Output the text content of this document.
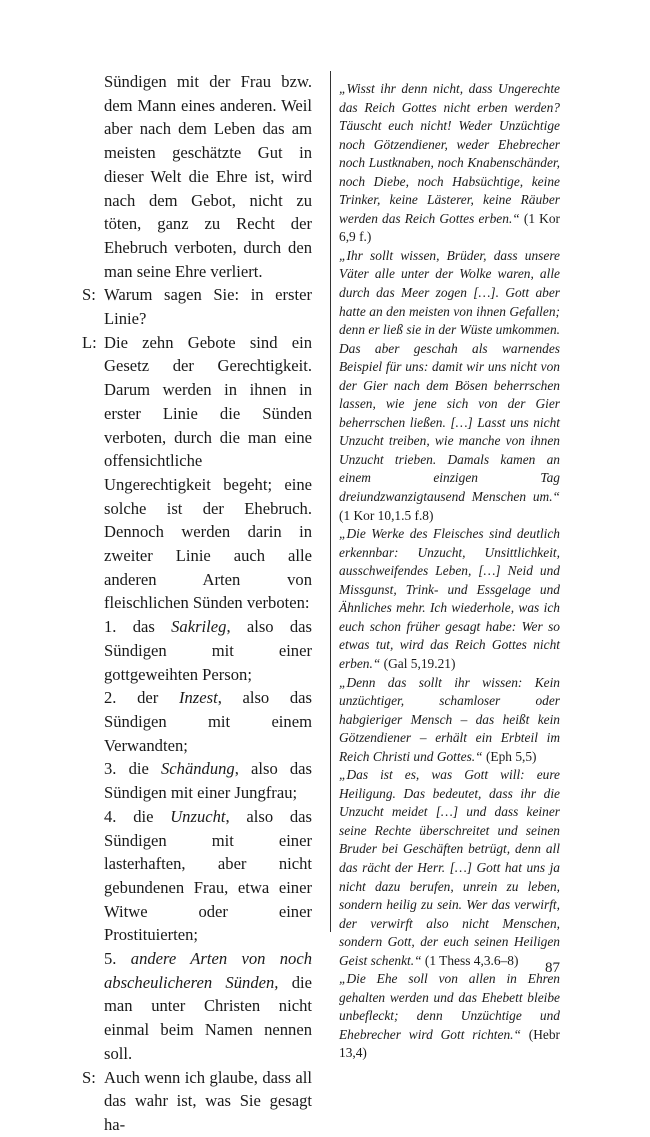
Sündigen mit der Frau bzw. dem Mann eines anderen. Weil aber nach dem Leben das am meisten geschätzte Gut in dieser Welt die Ehre ist, wird nach dem Gebot, nicht zu töten, ganz zu Recht der Ehebruch verboten, durch den man seine Ehre verliert.
S: Warum sagen Sie: in erster Linie?
L: Die zehn Gebote sind ein Gesetz der Gerechtigkeit. Darum werden in ihnen in erster Linie die Sünden verboten, durch die man eine offensichtliche Ungerechtigkeit begeht; eine solche ist der Ehebruch. Dennoch werden darin in zweiter Linie auch alle anderen Arten von fleischlichen Sünden verboten:
1. das Sakrileg, also das Sündigen mit einer gottgeweihten Person;
2. der Inzest, also das Sündigen mit einem Verwandten;
3. die Schändung, also das Sündigen mit einer Jungfrau;
4. die Unzucht, also das Sündigen mit einer lasterhaften, aber nicht gebundenen Frau, etwa einer Witwe oder einer Prostituierten;
5. andere Arten von noch abscheulicheren Sünden, die man unter Christen nicht einmal beim Namen nennen soll.
S: Auch wenn ich glaube, dass all das wahr ist, was Sie gesagt ha-
„Wisst ihr denn nicht, dass Ungerechte das Reich Gottes nicht erben werden? Täuscht euch nicht! Weder Unzüchtige noch Götzendiener, weder Ehebrecher noch Lustknaben, noch Knabenschänder, noch Diebe, noch Habsüchtige, keine Trinker, keine Lästerer, keine Räuber werden das Reich Gottes erben.“ (1 Kor 6,9 f.)
„Ihr sollt wissen, Brüder, dass unsere Väter alle unter der Wolke waren, alle durch das Meer zogen […]. Gott aber hatte an den meisten von ihnen Gefallen; denn er ließ sie in der Wüste umkommen. Das aber geschah als warnendes Beispiel für uns: damit wir uns nicht von der Gier nach dem Bösen beherrschen lassen, wie jene sich von der Gier beherrschen ließen. […] Lasst uns nicht Unzucht treiben, wie manche von ihnen Unzucht trieben. Damals kamen an einem einzigen Tag dreiundzwanzigtausend Menschen um.“ (1 Kor 10,1.5 f.8)
„Die Werke des Fleisches sind deutlich erkennbar: Unzucht, Unsittlichkeit, ausschweifendes Leben, […] Neid und Missgunst, Trink- und Essgelage und Ähnliches mehr. Ich wiederhole, was ich euch schon früher gesagt habe: Wer so etwas tut, wird das Reich Gottes nicht erben.“ (Gal 5,19.21)
„Denn das sollt ihr wissen: Kein unzüchtiger, schamloser oder habgieriger Mensch – das heißt kein Götzendiener – erhält ein Erbteil im Reich Christi und Gottes.“ (Eph 5,5)
„Das ist es, was Gott will: eure Heiligung. Das bedeutet, dass ihr die Unzucht meidet […] und dass keiner seine Rechte überschreitet und seinen Bruder bei Geschäften betrügt, denn all das rächt der Herr. […] Gott hat uns ja nicht dazu berufen, unrein zu leben, sondern heilig zu sein. Wer das verwirft, der verwirft also nicht Menschen, sondern Gott, der euch seinen Heiligen Geist schenkt.“ (1 Thess 4,3.6–8)
„Die Ehe soll von allen in Ehren gehalten werden und das Ehebett bleibe unbefleckt; denn Unzüchtige und Ehebrecher wird Gott richten.“ (Hebr 13,4)
87
